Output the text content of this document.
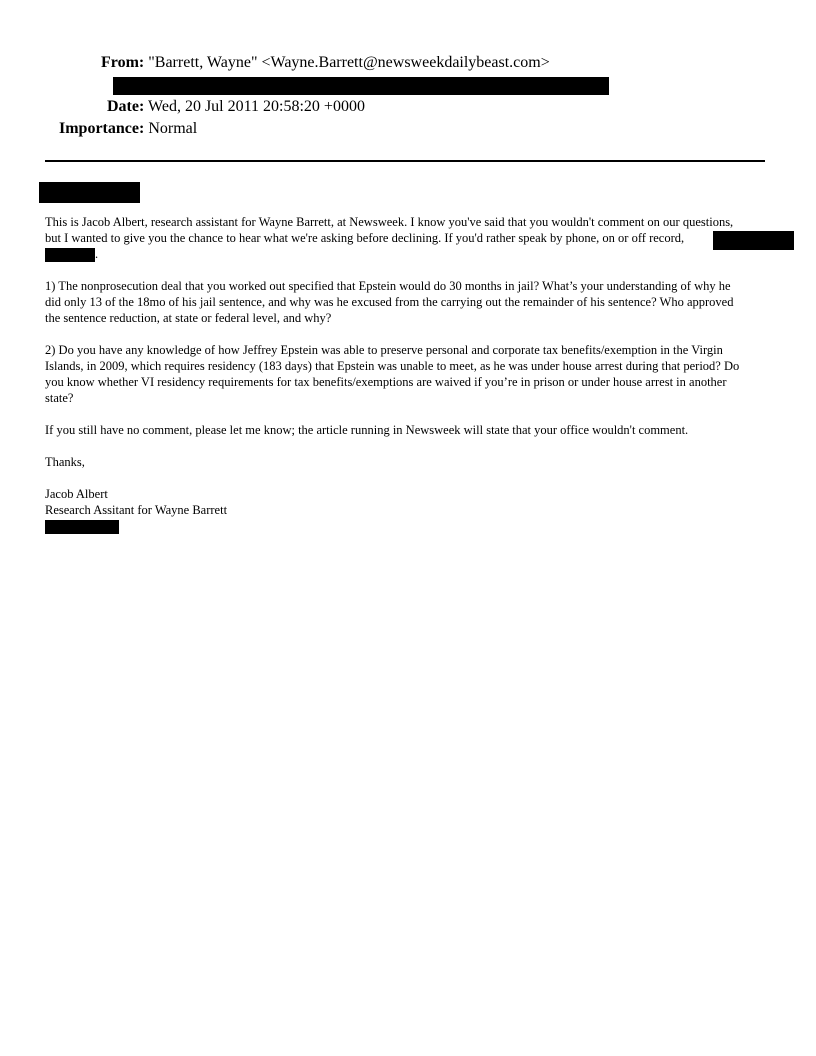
From: "Barrett, Wayne" <Wayne.Barrett@newsweekdailybeast.com>
Date: Wed, 20 Jul 2011 20:58:20 +0000
Importance: Normal
This is Jacob Albert, research assistant for Wayne Barrett, at Newsweek. I know you've said that you wouldn't comment on our questions,
but I wanted to give you the chance to hear what we're asking before declining. If you'd rather speak by phone, on or off record,
.
1) The nonprosecution deal that you worked out specified that Epstein would do 30 months in jail? What’s your understanding of why he
did only 13 of the 18mo of his jail sentence, and why was he excused from the carrying out the remainder of his sentence? Who approved
the sentence reduction, at state or federal level, and why?
2) Do you have any knowledge of how Jeffrey Epstein was able to preserve personal and corporate tax benefits/exemption in the Virgin
Islands, in 2009, which requires residency (183 days) that Epstein was unable to meet, as he was under house arrest during that period? Do
you know whether VI residency requirements for tax benefits/exemptions are waived if you’re in prison or under house arrest in another
state?
If you still have no comment, please let me know; the article running in Newsweek will state that your office wouldn't comment.
Thanks,
Jacob Albert
Research Assitant for Wayne Barrett
